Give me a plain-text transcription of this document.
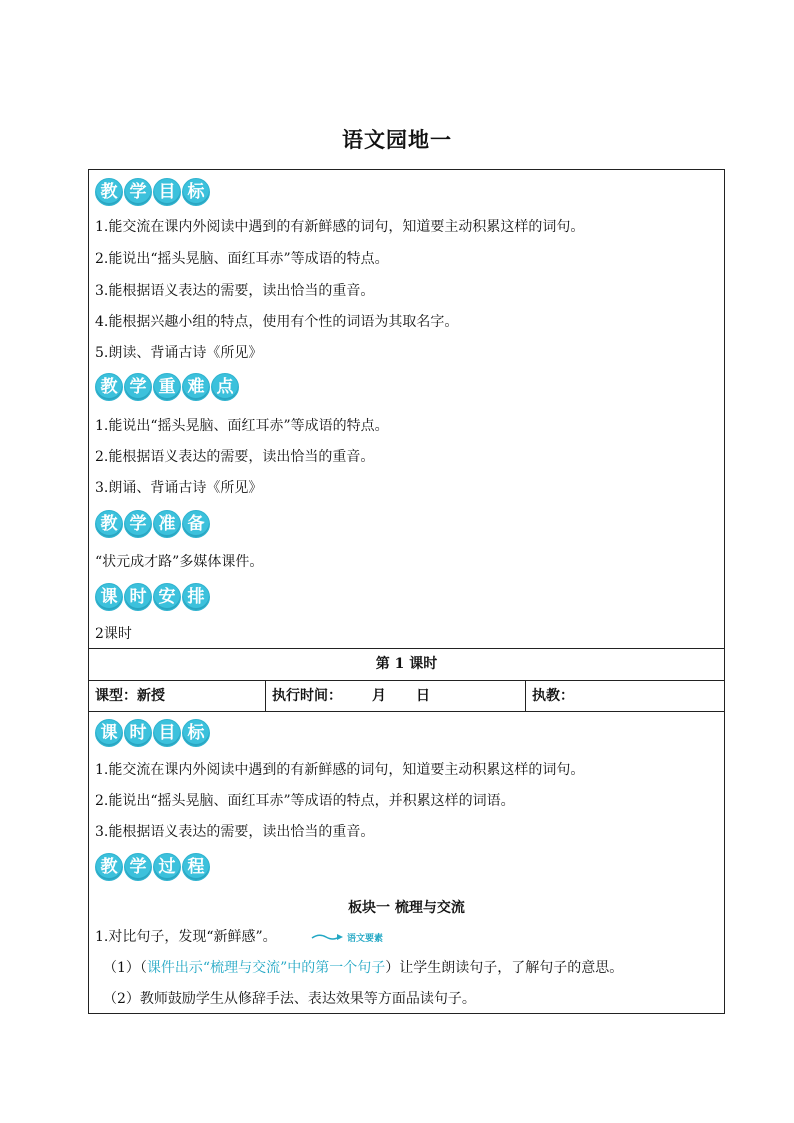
语文园地一
教 学 目 标
1.能交流在课内外阅读中遇到的有新鲜感的词句，知道要主动积累这样的词句。
2.能说出“摇头晃脑、面红耳赤”等成语的特点。
3.能根据语义表达的需要，读出恰当的重音。
4.能根据兴趣小组的特点，使用有个性的词语为其取名字。
5.朗读、背诵古诗《所见》
教 学 重 难 点
1.能说出“摇头晃脑、面红耳赤”等成语的特点。
2.能根据语义表达的需要，读出恰当的重音。
3.朗诵、背诵古诗《所见》
教 学 准 备
“状元成才路”多媒体课件。
课 时 安 排
2课时
第 1 课时
课型：新授	执行时间： 月 日	执教：
课 时 目 标
1.能交流在课内外阅读中遇到的有新鲜感的词句，知道要主动积累这样的词句。
2.能说出“摇头晃脑、面红耳赤”等成语的特点，并积累这样的词语。
3.能根据语义表达的需要，读出恰当的重音。
教 学 过 程
板块一 梳理与交流
1.对比句子，发现“新鲜感”。	语文要素
（1）（课件出示“梳理与交流”中的第一个句子）让学生朗读句子，了解句子的意思。
（2）教师鼓励学生从修辞手法、表达效果等方面品读句子。
